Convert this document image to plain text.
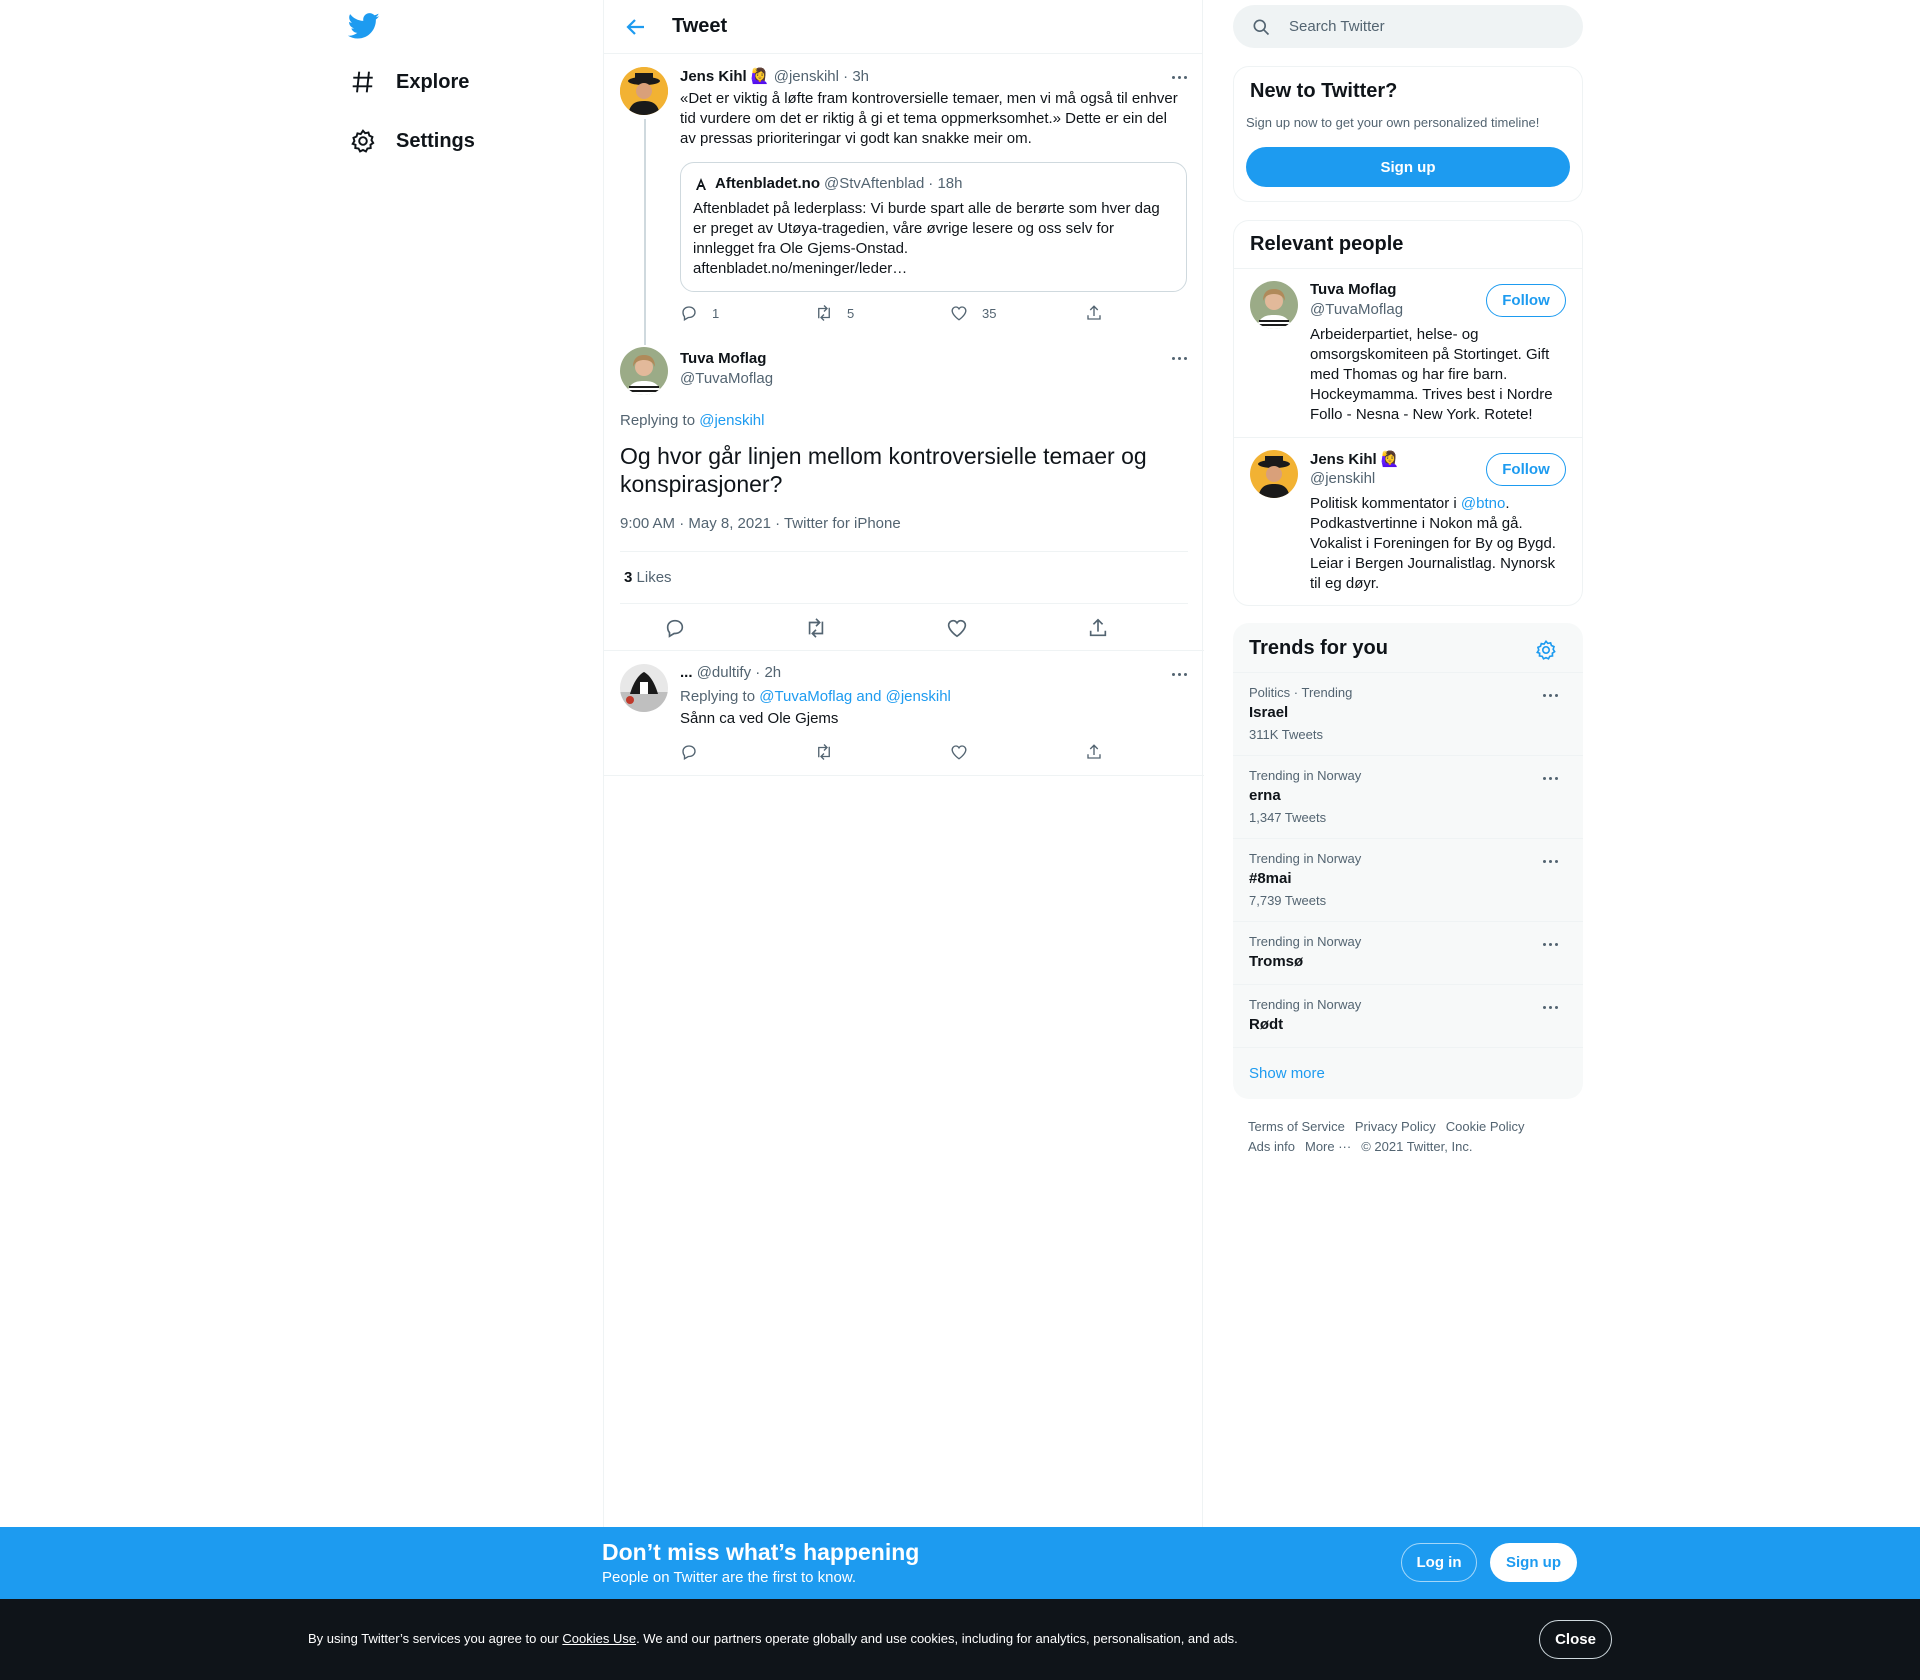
Explore
Settings
Tweet
Jens Kihl 🙋‍♀️ @jenskihl · 3h
«Det er viktig å løfte fram kontroversielle temaer, men vi må også til enhver tid vurdere om det er riktig å gi et tema oppmerksomhet.» Dette er ein del av pressas prioriteringar vi godt kan snakke meir om.
Aftenbladet.no @StvAftenblad · 18h
Aftenbladet på lederplass: Vi burde spart alle de berørte som hver dag er preget av Utøya-tragedien, våre øvrige lesere og oss selv for innlegget fra Ole Gjems-Onstad.
aftenbladet.no/meninger/leder…
1	5	35
Tuva Moflag
@TuvaMoflag
Replying to @jenskihl
Og hvor går linjen mellom kontroversielle temaer og konspirasjoner?
9:00 AM · May 8, 2021 · Twitter for iPhone
3 Likes
... @dultify · 2h
Replying to @TuvaMoflag and @jenskihl
Sånn ca ved Ole Gjems
Search Twitter
New to Twitter?
Sign up now to get your own personalized timeline!
Sign up
Relevant people
Tuva Moflag
@TuvaMoflag
Follow
Arbeiderpartiet, helse- og omsorgskomiteen på Stortinget. Gift med Thomas og har fire barn. Hockeymamma. Trives best i Nordre Follo - Nesna - New York. Rotete!
Jens Kihl 🙋‍♀️
@jenskihl
Follow
Politisk kommentator i @btno. Podkastvertinne i Nokon må gå. Vokalist i Foreningen for By og Bygd. Leiar i Bergen Journalistlag. Nynorsk til eg døyr.
Trends for you
Politics · Trending
Israel
311K Tweets
Trending in Norway
erna
1,347 Tweets
Trending in Norway
#8mai
7,739 Tweets
Trending in Norway
Tromsø
Trending in Norway
Rødt
Show more
Terms of Service Privacy Policy Cookie Policy
Ads info More ··· © 2021 Twitter, Inc.
Don’t miss what’s happening
People on Twitter are the first to know.
Log in	Sign up
By using Twitter’s services you agree to our Cookies Use. We and our partners operate globally and use cookies, including for analytics, personalisation, and ads.	Close
